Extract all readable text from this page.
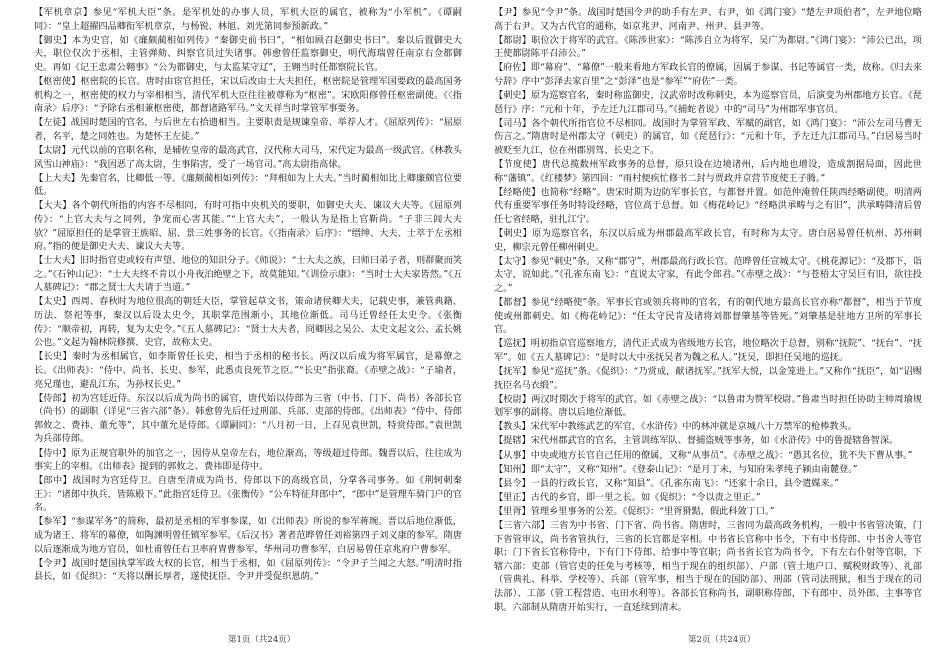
【军机章京】参见“军机大臣”条。是军机处的办事人员，军机大臣的属官，被称为“小军机”。《谭嗣同》：“皇上超擢四品卿衔军机章京，与杨锐、林旭、刘光第同参预新政。”

【御史】本为史官，如《廉颇蔺相如列传》“秦御史前书曰”，“相如顾召赵御史书曰”。秦以后置御史大夫，职位仅次于丞相，主管弹劾、纠察官员过失诸事。韩愈曾任监察御史，明代海瑞曾任南京右佥都御史。再如《记王忠肃公翱事》“公为都御史，与太监某守辽”，王翱当时任都察院长官。

【枢密使】枢密院的长官。唐时由宦官担任，宋以后改由士大夫担任，枢密院是管理军国要政的最高国务机构之一，枢密使的权力与宰相相当，清代军机大臣往往被尊称为“枢密”。宋欧阳修曾任枢密副使。《〈指南录〉后序》：“予除右丞相兼枢密使，都督诸路军马。”文天祥当时掌管军事要务。

【左徒】战国时楚国的官名，与后世左右拾遗相当。主要职责是规谏皇帝、举荐人才。《屈原列传》：“屈原者，名平，楚之同姓也。为楚怀王左徒。”

【太尉】元代以前的官职名称，是辅佐皇帝的最高武官，汉代称大司马，宋代定为最高一级武官。《林教头风雪山神庙》：“我因恶了高太尉，生事陷害，受了一场官司。”高太尉指高俅。

【上大夫】先秦官名，比卿低一等。《廉颇蔺相如列传》：“拜相如为上大夫。”当时蔺相如比上卿廉颇官位要低。

【大夫】各个朝代所指的内容不尽相同，有时可指中央机关的要职，如御史大夫、谏议大夫等。《屈原列传》：“上官大夫与之同列，争宠而心害其能。”“上官大夫”，一般认为是指上官靳尚。“子非三闾大夫欤？”屈原担任的是掌管王族昭、屈、景三姓事务的长官。《〈指南录〉后序》：“缙绅、大夫、士萃于左丞相府。”指的便是御史大夫、谏议大夫等。

【士大夫】旧时指官吏或较有声望、地位的知识分子。《师说》：“士大夫之族，曰师曰弟子者，则群聚而笑之。”《石钟山记》：“士大夫终不肯以小舟夜泊绝壁之下，故莫能知。”《训俭示康》：“当时士大夫家皆然。”《五人墓碑记》：“郡之贤士大夫请于当道。”

【太史】西周、春秋时为地位很高的朝廷大臣，掌管起草文书，策命诸侯卿大夫，记载史事，兼管典籍、历法、祭祀等事，秦汉以后设太史令，其职掌范围渐小，其地位渐低。司马迁曾经任太史令。《张衡传》：“顺帝初，再转，复为太史令。”《五人墓碑记》：“贤士大夫者，冏卿因之吴公、太史文起文公、孟长姚公也。”文起为翰林院修撰、史官，故称太史。

【长史】秦时为丞相属官，如李斯曾任长史，相当于丞相的秘书长。两汉以后成为将军属官，是幕僚之长。《出师表》：“侍中、尚书、长史、参军，此悉贞良死节之臣。”“长史”指张裔。《赤壁之战》：“子瑜者，亮兄瑾也，避乱江东，为孙权长史。”

【侍郎】初为宫廷近侍。东汉以后成为尚书的属官，唐代始以侍郎为三省（中书、门下、尚书）各部长官（尚书）的副职（详见“三省六部”条）。韩愈曾先后任过刑部、兵部、吏部的侍郎。《出师表》“侍中、侍郎郭攸之、费祎、董允等”，其中董允是侍郎。《谭嗣同》：“八月初一日，上召见袁世凯，特赏侍郎。”袁世凯为兵部侍郎。

【侍中】原为正规官职外的加官之一，因侍从皇帝左右，地位渐高，等级超过侍郎。魏晋以后，往往成为事实上的宰相。《出师表》提到的郭攸之、费祎即是侍中。

【郎中】战国时为宫廷侍卫。自唐至清成为尚书、侍郎以下的高级官员，分掌各司事务。如《荆轲刺秦王》：“诸郎中执兵，皆陈殿下。”此指宫廷侍卫。《张衡传》“公车特征拜郎中”，“郎中”是管理车骑门户的官名。

【参军】“参谋军务”的简称，最初是丞相的军事参谋，如《出师表》所说的参军蒋琬。晋以后地位渐低，成为诸王、将军的幕僚，如陶渊明曾任镇军参军。《后汉书》著者范晔曾任刘裕第四子刘义康的参军。隋唐以后逐渐成为地方官员，如杜甫曾任右卫率府胄曹参军，华州司功曹参军，白居易曾任京兆府户曹参军。

【令尹】战国时楚国执掌军政大权的长官，相当于丞相，如《屈原列传》：“令尹子兰闻之大怒。”明清时指县长，如《促织》：“天将以酬长厚者，遂使抚臣、令尹并受促织恩荫。”

【尹】参见“令尹”条。战国时楚国令尹的助手有左尹、右尹，如《鸿门宴》“楚左尹项伯者”，左尹地位略高于右尹。又为古代官的通称，如京兆尹、河南尹、州尹、县尹等。

【都尉】职位次于将军的武官。《陈涉世家》：“陈涉自立为将军，吴广为都尉。”《鸿门宴》：“沛公已出，项王使都尉陈平召沛公。”

【府佐】即“幕府”、“幕僚”一般来看地方军政长官的僚属，因属于参谋、书记等属官一类，故称。《归去来兮辞》序中“彭泽去家百里”之“彭泽”也是“参军”“府佐”一类。

【刺史】原为巡察官名，秦时称监御史，汉武帝时改称刺史，本为巡察官员，后演变为州郡地方长官。《琵琶行》序：“元和十年，予左迁九江郡司马。”《捕蛇者说》中的“司马”为州郡军事官员。

【司马】各个朝代所指官位不尽相同。战国时为掌管军政、军赋的副官，如《鸿门宴》：“沛公左司马曹无伤言之。”隋唐时是州郡太守（刺史）的属官，如《琵琶行》：“元和十年，予左迁九江郡司马。”白居易当时被贬至九江，位在州郡别驾、长史之下。

【节度使】唐代总揽数州军政事务的总督，原只设在边境诸州，后内地也增设，造成割据局面，因此世称“藩镇”。《红楼梦》第四回：“雨村便疾忙修书二封与贾政并京营节度使王子腾。”

【经略使】也简称“经略”。唐宋时期为边防军事长官，与都督并置。如范仲淹曾任陕西经略副使。明清两代有重要军事任务时特设经略，官位高于总督。如《梅花岭记》“经略洪承畴与之有旧”，洪承畴降清后曾任七省经略，驻扎江宁。

【刺史】原为巡察官名，东汉以后成为州郡最高军政长官，有时称为太守。唐白居易曾任杭州、苏州刺史，柳宗元曾任柳州刺史。

【太守】参见“刺史”条。又称“郡守”，州郡最高行政长官。范晔曾任宣城太守。《桃花源记》：“及郡下，诣太守，说如此。”《孔雀东南飞》：“直说太守家，有此令郎君。”《赤壁之战》：“与苍梧太守吴巨有旧，欲往投之。”

【都督】参见“经略使”条。军事长官或领兵将帅的官名，有的朝代地方最高长官亦称“都督”，相当于节度使或州都刺史。如《梅花岭记》：“任太守民肯及诸将刘都督肇基等皆死。”刘肇基是驻地方卫所的军事长官。

【巡抚】明初指京官巡察地方，清代正式成为省级地方长官，地位略次于总督，别称“抚院”、“抚台”、“抚军”。如《五人墓碑记》：“是时以大中丞抚吴者为魏之私人。”抚吴，即担任吴地的巡抚。

【抚军】参见“巡抚”条。《促织》：“乃赏成，献诸抚军。”抚军大悦，以金笼进上。”又称作“抚臣”，如“诏赐抚臣名马衣缎”。

【校尉】两汉时期次于将军的武官。如《赤壁之战》：“以鲁肃为赞军校尉。”鲁肃当时担任协助主帅周瑜规划军事的副将。唐以后地位渐低。

【教头】宋代军中教练武艺的军官，《水浒传》中的林冲就是京城八十万禁军的枪棒教头。

【提辖】宋代州郡武官的官名，主管训练军队、督捕盗贼等事务，如《水浒传》中的鲁提辖鲁智深。

【从事】中央或地方长官自己任用的僚属，又称“从事员”。《赤壁之战》：“愚其名位，犹不失下曹从事。”

【知州】即“太守”，又称“知州”。《登泰山记》：“是月丁未，与知府朱孝纯子颍由南麓登。”

【县令】一县的行政长官，又称“知县”。《孔雀东南飞》：“还家十余日，县令遣媒来。”

【里正】古代的乡官，即一里之长。如《促织》：“令以责之里正。”

【里胥】管理乡里事务的公差。《促织》：“里胥猾黠，假此科敛丁口。”

【三省六部】三省为中书省、门下省、尚书省。隋唐时，三省同为最高政务机构，一般中书省管决策，门下省管审议，尚书省管执行，三省的长官都是宰相。中书省长官称中书令，下有中书侍郎、中书舍人等官职；门下省长官称侍中，下有门下侍郎、给事中等官职；尚书省长官为尚书令，下有左右仆射等官职，下辖六部：吏部（管官吏的任免与考核等，相当于现在的组织部）、户部（管土地户口、赋税财政等）、礼部（管典礼、科举、学校等）、兵部（管军事，相当于现在的国防部）、刑部（管司法刑狱，相当于现在的司法部）、工部（管工程营造、屯田水利等）。各部长官称尚书，副职称侍郎，下有郎中、员外郎、主事等官职。六部制从隋唐开始实行，一直延续到清末。

第1页（共24页）	第2页（共24页）
